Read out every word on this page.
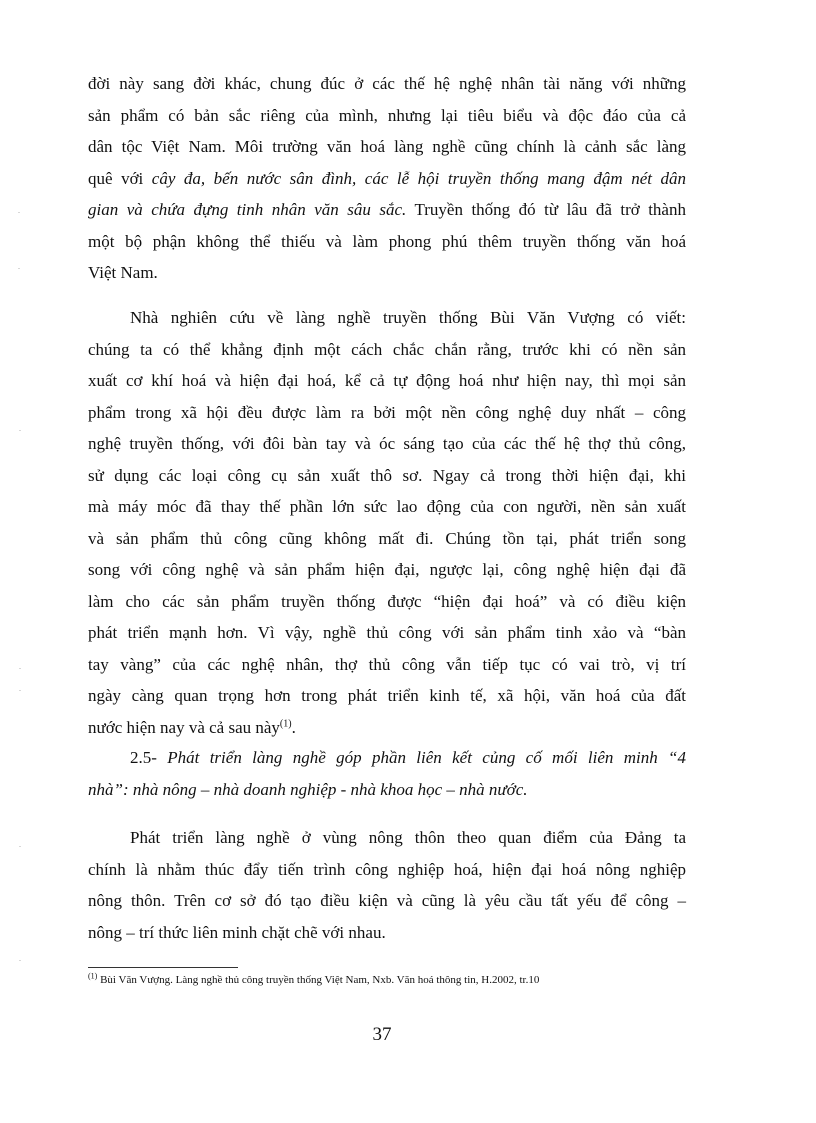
đời này sang đời khác, chung đúc ở các thế hệ nghệ nhân tài năng với những
sản phẩm có bản sắc riêng của mình, nhưng lại tiêu biểu và độc đáo của cả
dân tộc Việt Nam. Môi trường văn hoá làng nghề cũng chính là cảnh sắc làng
quê với cây đa, bến nước sân đình, các lễ hội truyền thống mang đậm nét dân
gian và chứa đựng tinh nhân văn sâu sắc. Truyền thống đó từ lâu đã trở thành
một bộ phận không thể thiếu và làm phong phú thêm truyền thống văn hoá
Việt Nam.

Nhà nghiên cứu về làng nghề truyền thống Bùi Văn Vượng có viết:
chúng ta có thể khẳng định một cách chắc chắn rằng, trước khi có nền sản
xuất cơ khí hoá và hiện đại hoá, kể cả tự động hoá như hiện nay, thì mọi sản
phẩm trong xã hội đều được làm ra bởi một nền công nghệ duy nhất – công
nghệ truyền thống, với đôi bàn tay và óc sáng tạo của các thế hệ thợ thủ công,
sử dụng các loại công cụ sản xuất thô sơ. Ngay cả trong thời hiện đại, khi
mà máy móc đã thay thế phần lớn sức lao động của con người, nền sản xuất
và sản phẩm thủ công cũng không mất đi. Chúng tồn tại, phát triển song
song với công nghệ và sản phẩm hiện đại, ngược lại, công nghệ hiện đại đã
làm cho các sản phẩm truyền thống được “hiện đại hoá” và có điều kiện
phát triển mạnh hơn. Vì vậy, nghề thủ công với sản phẩm tinh xảo và “bàn
tay vàng” của các nghệ nhân, thợ thủ công vẫn tiếp tục có vai trò, vị trí
ngày càng quan trọng hơn trong phát triển kinh tế, xã hội, văn hoá của đất
nước hiện nay và cả sau này$^{(1)}$.

2.5- Phát triển làng nghề góp phần liên kết củng cố mối liên minh “4
nhà”: nhà nông – nhà doanh nghiệp - nhà khoa học – nhà nước.

Phát triển làng nghề ở vùng nông thôn theo quan điểm của Đảng ta
chính là nhằm thúc đẩy tiến trình công nghiệp hoá, hiện đại hoá nông nghiệp
nông thôn. Trên cơ sở đó tạo điều kiện và cũng là yêu cầu tất yếu để công –
nông – trí thức liên minh chặt chẽ với nhau.

$^{(1)}$ Bùi Văn Vượng. Làng nghề thủ công truyền thống Việt Nam, Nxb. Văn hoá thông tin, H.2002, tr.10
37
